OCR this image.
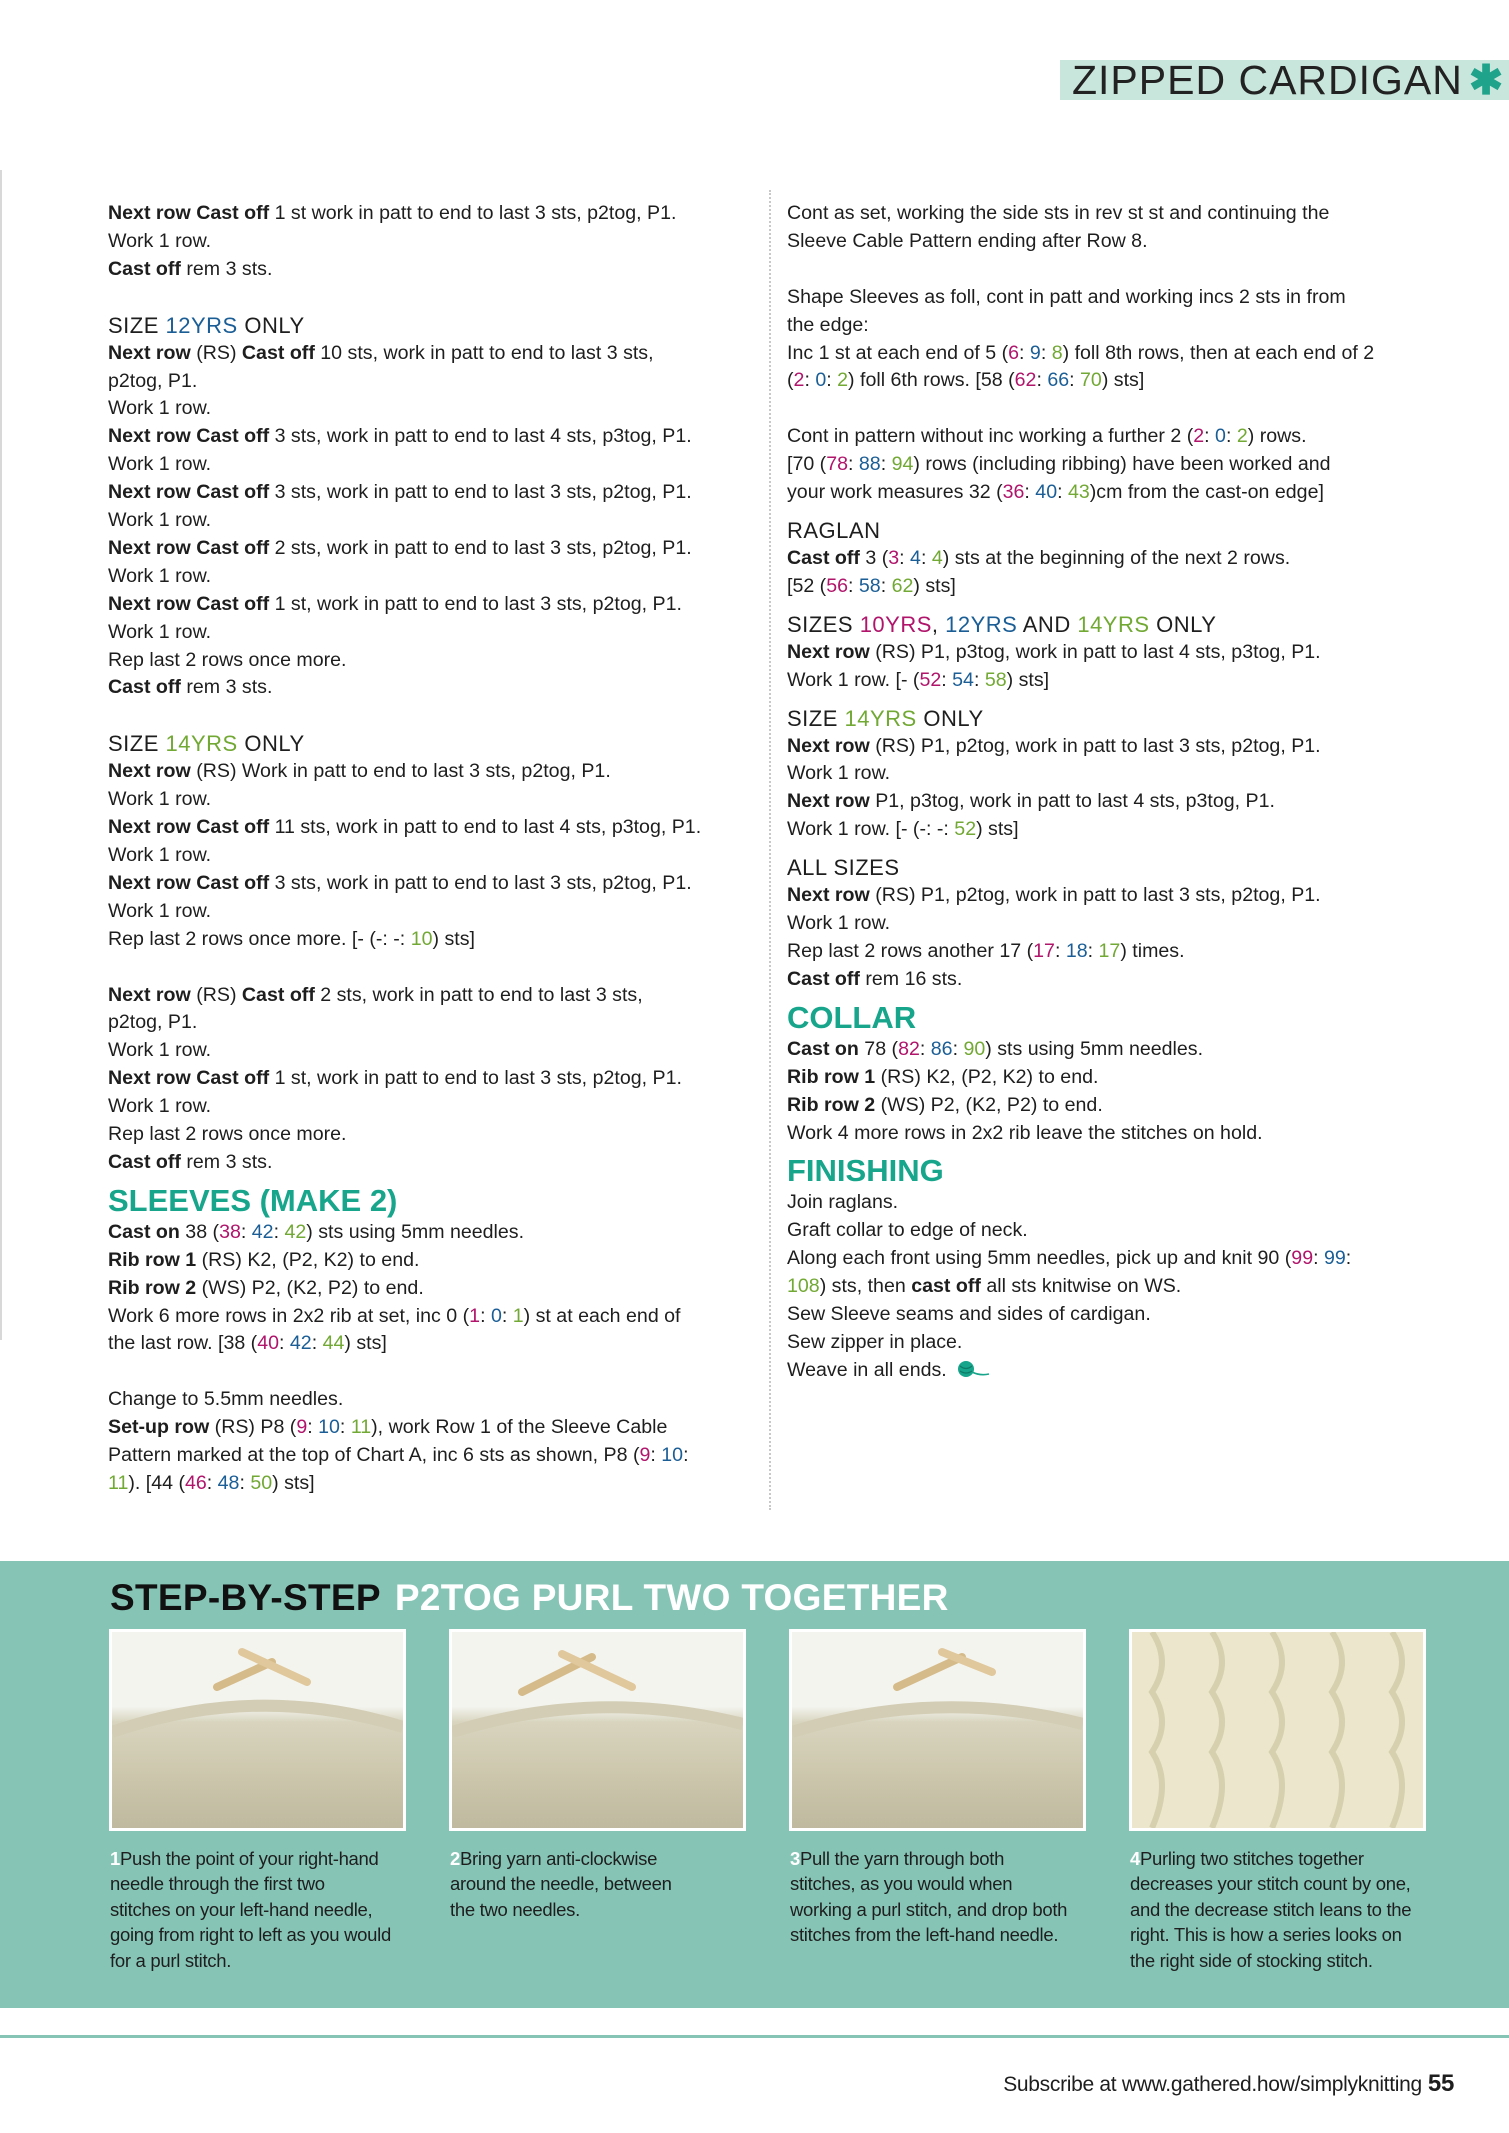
ZIPPED CARDIGAN ✱
Next row Cast off 1 st work in patt to end to last 3 sts, p2tog, P1.
Work 1 row.
Cast off rem 3 sts.
SIZE 12YRS ONLY
Next row (RS) Cast off 10 sts, work in patt to end to last 3 sts,
p2tog, P1.
Work 1 row.
Next row Cast off 3 sts, work in patt to end to last 4 sts, p3tog, P1.
Work 1 row.
Next row Cast off 3 sts, work in patt to end to last 3 sts, p2tog, P1.
Work 1 row.
Next row Cast off 2 sts, work in patt to end to last 3 sts, p2tog, P1.
Work 1 row.
Next row Cast off 1 st, work in patt to end to last 3 sts, p2tog, P1.
Work 1 row.
Rep last 2 rows once more.
Cast off rem 3 sts.
SIZE 14YRS ONLY
Next row (RS) Work in patt to end to last 3 sts, p2tog, P1.
Work 1 row.
Next row Cast off 11 sts, work in patt to end to last 4 sts, p3tog, P1.
Work 1 row.
Next row Cast off 3 sts, work in patt to end to last 3 sts, p2tog, P1.
Work 1 row.
Rep last 2 rows once more. [- (-: -: 10) sts]
Next row (RS) Cast off 2 sts, work in patt to end to last 3 sts,
p2tog, P1.
Work 1 row.
Next row Cast off 1 st, work in patt to end to last 3 sts, p2tog, P1.
Work 1 row.
Rep last 2 rows once more.
Cast off rem 3 sts.
SLEEVES (MAKE 2)
Cast on 38 (38: 42: 42) sts using 5mm needles.
Rib row 1 (RS) K2, (P2, K2) to end.
Rib row 2 (WS) P2, (K2, P2) to end.
Work 6 more rows in 2x2 rib at set, inc 0 (1: 0: 1) st at each end of
the last row. [38 (40: 42: 44) sts]
Change to 5.5mm needles.
Set-up row (RS) P8 (9: 10: 11), work Row 1 of the Sleeve Cable
Pattern marked at the top of Chart A, inc 6 sts as shown, P8 (9: 10:
11). [44 (46: 48: 50) sts]
Cont as set, working the side sts in rev st st and continuing the
Sleeve Cable Pattern ending after Row 8.
Shape Sleeves as foll, cont in patt and working incs 2 sts in from
the edge:
Inc 1 st at each end of 5 (6: 9: 8) foll 8th rows, then at each end of 2
(2: 0: 2) foll 6th rows. [58 (62: 66: 70) sts]
Cont in pattern without inc working a further 2 (2: 0: 2) rows.
[70 (78: 88: 94) rows (including ribbing) have been worked and
your work measures 32 (36: 40: 43)cm from the cast-on edge]
RAGLAN
Cast off 3 (3: 4: 4) sts at the beginning of the next 2 rows.
[52 (56: 58: 62) sts]
SIZES 10YRS, 12YRS AND 14YRS ONLY
Next row (RS) P1, p3tog, work in patt to last 4 sts, p3tog, P1.
Work 1 row. [- (52: 54: 58) sts]
SIZE 14YRS ONLY
Next row (RS) P1, p2tog, work in patt to last 3 sts, p2tog, P1.
Work 1 row.
Next row P1, p3tog, work in patt to last 4 sts, p3tog, P1.
Work 1 row. [- (-: -: 52) sts]
ALL SIZES
Next row (RS) P1, p2tog, work in patt to last 3 sts, p2tog, P1.
Work 1 row.
Rep last 2 rows another 17 (17: 18: 17) times.
Cast off rem 16 sts.
COLLAR
Cast on 78 (82: 86: 90) sts using 5mm needles.
Rib row 1 (RS) K2, (P2, K2) to end.
Rib row 2 (WS) P2, (K2, P2) to end.
Work 4 more rows in 2x2 rib leave the stitches on hold.
FINISHING
Join raglans.
Graft collar to edge of neck.
Along each front using 5mm needles, pick up and knit 90 (99: 99:
108) sts, then cast off all sts knitwise on WS.
Sew Sleeve seams and sides of cardigan.
Sew zipper in place.
Weave in all ends.
STEP-BY-STEP P2TOG PURL TWO TOGETHER
1Push the point of your right-hand
needle through the first two
stitches on your left-hand needle,
going from right to left as you would
for a purl stitch.
2Bring yarn anti-clockwise
around the needle, between
the two needles.
3Pull the yarn through both
stitches, as you would when
working a purl stitch, and drop both
stitches from the left-hand needle.
4Purling two stitches together
decreases your stitch count by one,
and the decrease stitch leans to the
right. This is how a series looks on
the right side of stocking stitch.
Subscribe at www.gathered.how/simplyknitting 55
